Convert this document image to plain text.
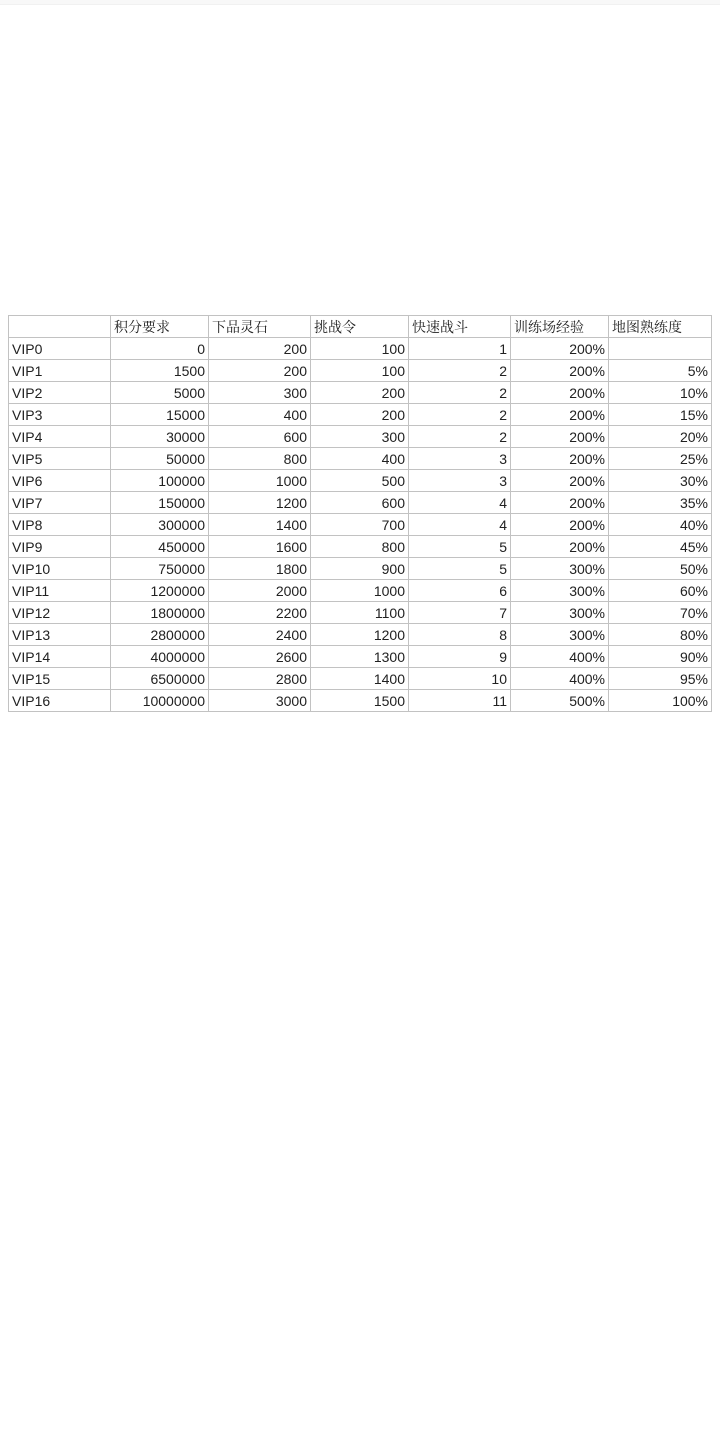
	积分要求	下品灵石	挑战令	快速战斗	训练场经验	地图熟练度
VIP0	0	200	100	1	200%	
VIP1	1500	200	100	2	200%	5%
VIP2	5000	300	200	2	200%	10%
VIP3	15000	400	200	2	200%	15%
VIP4	30000	600	300	2	200%	20%
VIP5	50000	800	400	3	200%	25%
VIP6	100000	1000	500	3	200%	30%
VIP7	150000	1200	600	4	200%	35%
VIP8	300000	1400	700	4	200%	40%
VIP9	450000	1600	800	5	200%	45%
VIP10	750000	1800	900	5	300%	50%
VIP11	1200000	2000	1000	6	300%	60%
VIP12	1800000	2200	1100	7	300%	70%
VIP13	2800000	2400	1200	8	300%	80%
VIP14	4000000	2600	1300	9	400%	90%
VIP15	6500000	2800	1400	10	400%	95%
VIP16	10000000	3000	1500	11	500%	100%
